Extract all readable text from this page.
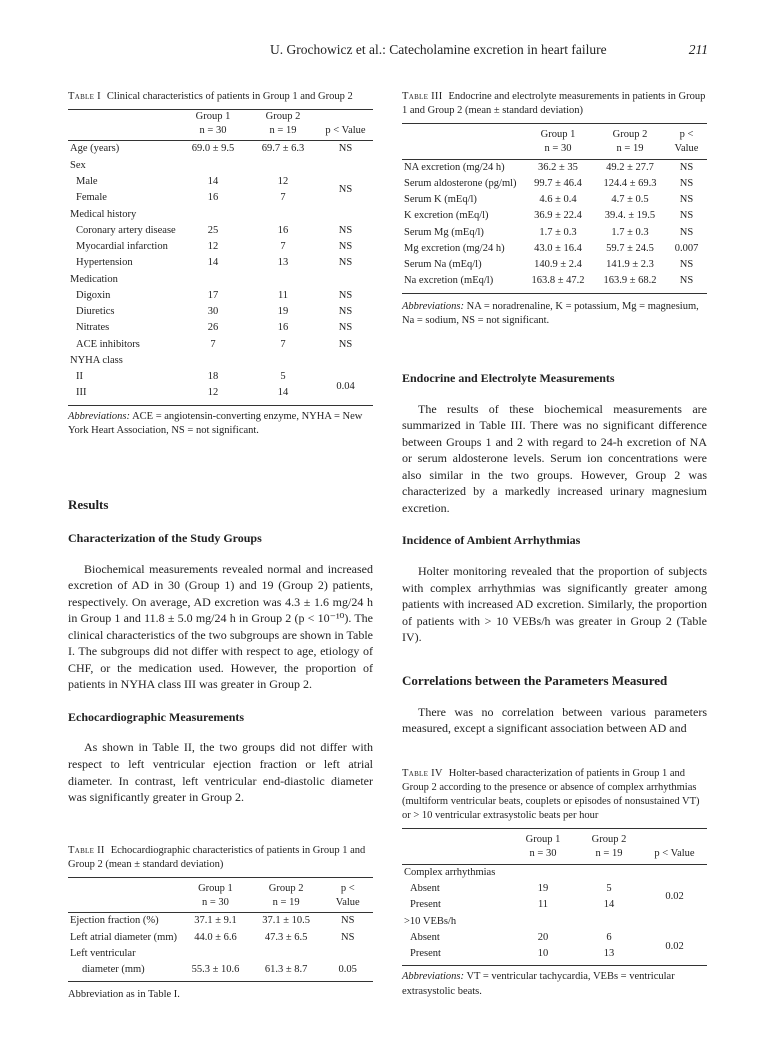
U. Grochowicz et al.: Catecholamine excretion in heart failure	211
Table I Clinical characteristics of patients in Group 1 and Group 2
	Group 1	Group 2	
	n = 30	n = 19	p < Value
Age (years)	69.0 ± 9.5	69.7 ± 6.3	NS
Sex			
Male	14	12	NS
Female	16	7	
Medical history			
Coronary artery disease	25	16	NS
Myocardial infarction	12	7	NS
Hypertension	14	13	NS
Medication			
Digoxin	17	11	NS
Diuretics	30	19	NS
Nitrates	26	16	NS
ACE inhibitors	7	7	NS
NYHA class			
II	18	5	0.04
III	12	14	
Abbreviations: ACE = angiotensin-converting enzyme, NYHA = New York Heart Association, NS = not significant.
Results
Characterization of the Study Groups

Biochemical measurements revealed normal and increased excretion of AD in 30 (Group 1) and 19 (Group 2) patients, respectively. On average, AD excretion was 4.3 ± 1.6 mg/24 h in Group 1 and 11.8 ± 5.0 mg/24 h in Group 2 (p < 10⁻¹⁰). The clinical characteristics of the two subgroups are shown in Table I. The subgroups did not differ with respect to age, etiology of CHF, or the medication used. However, the proportion of patients in NYHA class III was greater in Group 2.

Echocardiographic Measurements

As shown in Table II, the two groups did not differ with respect to left ventricular ejection fraction or left atrial diameter. In contrast, left ventricular end-diastolic diameter was significantly greater in Group 2.

Table II Echocardiographic characteristics of patients in Group 1 and Group 2 (mean ± standard deviation)
	Group 1	Group 2	p <
	n = 30	n = 19	Value
Ejection fraction (%)	37.1 ± 9.1	37.1 ± 10.5	NS
Left atrial diameter (mm)	44.0 ± 6.6	47.3 ± 6.5	NS
Left ventricular			
diameter (mm)	55.3 ± 10.6	61.3 ± 8.7	0.05
Abbreviation as in Table I.
Table III Endocrine and electrolyte measurements in patients in Group 1 and Group 2 (mean ± standard deviation)
	Group 1	Group 2	p <
	n = 30	n = 19	Value
NA excretion (mg/24 h)	36.2 ± 35	49.2 ± 27.7	NS
Serum aldosterone (pg/ml)	99.7 ± 46.4	124.4 ± 69.3	NS
Serum K (mEq/l)	4.6 ± 0.4	4.7 ± 0.5	NS
K excretion (mEq/l)	36.9 ± 22.4	39.4. ± 19.5	NS
Serum Mg (mEq/l)	1.7 ± 0.3	1.7 ± 0.3	NS
Mg excretion (mg/24 h)	43.0 ± 16.4	59.7 ± 24.5	0.007
Serum Na (mEq/l)	140.9 ± 2.4	141.9 ± 2.3	NS
Na excretion (mEq/l)	163.8 ± 47.2	163.9 ± 68.2	NS
Abbreviations: NA = noradrenaline, K = potassium, Mg = magnesium, Na = sodium, NS = not significant.
Endocrine and Electrolyte Measurements

The results of these biochemical measurements are summarized in Table III. There was no significant difference between Groups 1 and 2 with regard to 24-h excretion of NA or serum aldosterone levels. Serum ion concentrations were also similar in the two groups. However, Group 2 was characterized by a markedly increased urinary magnesium excretion.

Incidence of Ambient Arrhythmias

Holter monitoring revealed that the proportion of subjects with complex arrhythmias was significantly greater among patients with increased AD excretion. Similarly, the proportion of patients with > 10 VEBs/h was greater in Group 2 (Table IV).

Correlations between the Parameters Measured

There was no correlation between various parameters measured, except a significant association between AD and

Table IV Holter-based characterization of patients in Group 1 and Group 2 according to the presence or absence of complex arrhythmias (multiform ventricular beats, couplets or episodes of nonsustained VT) or > 10 ventricular extrasystolic beats per hour
	Group 1	Group 2	
	n = 30	n = 19	p < Value
Complex arrhythmias			
Absent	19	5	0.02
Present	11	14	
>10 VEBs/h			
Absent	20	6	0.02
Present	10	13	
Abbreviations: VT = ventricular tachycardia, VEBs = ventricular extrasystolic beats.
